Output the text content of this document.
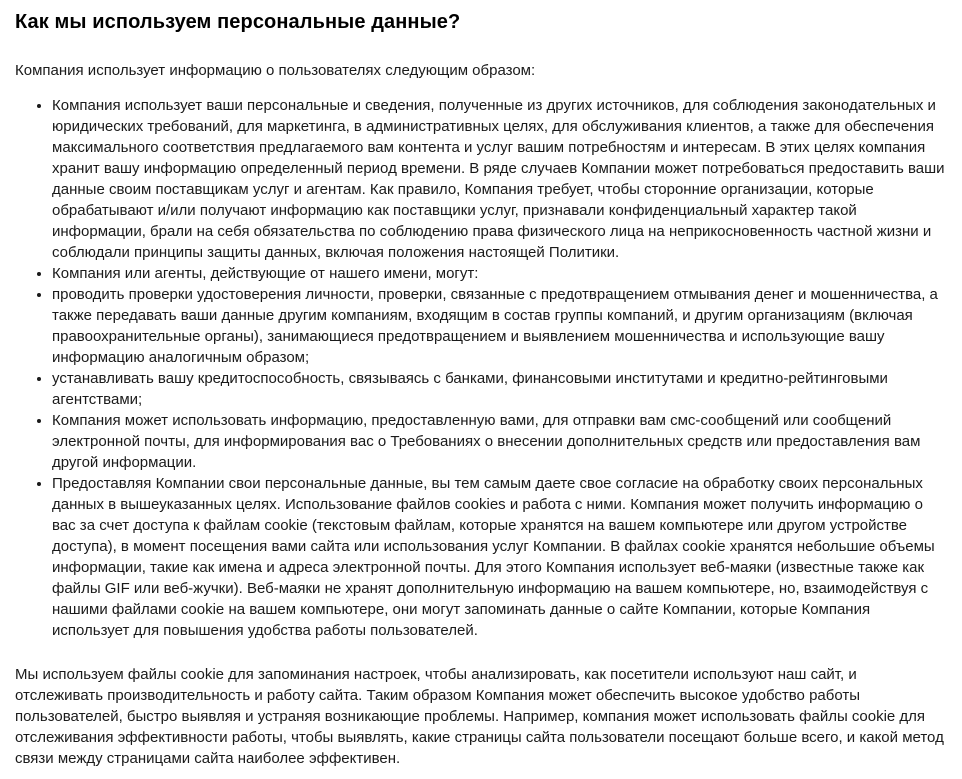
Как мы используем персональные данные?

Компания использует информацию о пользователях следующим образом:

• Компания использует ваши персональные и сведения, полученные из других источников, для соблюдения законодательных и юридических требований, для маркетинга, в административных целях, для обслуживания клиентов, а также для обеспечения максимального соответствия предлагаемого вам контента и услуг вашим потребностям и интересам. В этих целях компания хранит вашу информацию определенный период времени. В ряде случаев Компании может потребоваться предоставить ваши данные своим поставщикам услуг и агентам. Как правило, Компания требует, чтобы сторонние организации, которые обрабатывают и/или получают информацию как поставщики услуг, признавали конфиденциальный характер такой информации, брали на себя обязательства по соблюдению права физического лица на неприкосновенность частной жизни и соблюдали принципы защиты данных, включая положения настоящей Политики.
• Компания или агенты, действующие от нашего имени, могут:
• проводить проверки удостоверения личности, проверки, связанные с предотвращением отмывания денег и мошенничества, а также передавать ваши данные другим компаниям, входящим в состав группы компаний, и другим организациям (включая правоохранительные органы), занимающиеся предотвращением и выявлением мошенничества и использующие вашу информацию аналогичным образом;
• устанавливать вашу кредитоспособность, связываясь с банками, финансовыми институтами и кредитно-рейтинговыми агентствами;
• Компания может использовать информацию, предоставленную вами, для отправки вам смс-сообщений или сообщений электронной почты, для информирования вас о Требованиях о внесении дополнительных средств или предоставления вам другой информации.
• Предоставляя Компании свои персональные данные, вы тем самым даете свое согласие на обработку своих персональных данных в вышеуказанных целях. Использование файлов cookies и работа с ними. Компания может получить информацию о вас за счет доступа к файлам cookie (текстовым файлам, которые хранятся на вашем компьютере или другом устройстве доступа), в момент посещения вами сайта или использования услуг Компании. В файлах cookie хранятся небольшие объемы информации, такие как имена и адреса электронной почты. Для этого Компания использует веб-маяки (известные также как файлы GIF или веб-жучки). Веб-маяки не хранят дополнительную информацию на вашем компьютере, но, взаимодействуя с нашими файлами cookie на вашем компьютере, они могут запоминать данные о сайте Компании, которые Компания использует для повышения удобства работы пользователей.

Мы используем файлы cookie для запоминания настроек, чтобы анализировать, как посетители используют наш сайт, и отслеживать производительность и работу сайта. Таким образом Компания может обеспечить высокое удобство работы пользователей, быстро выявляя и устраняя возникающие проблемы. Например, компания может использовать файлы cookie для отслеживания эффективности работы, чтобы выявлять, какие страницы сайта пользователи посещают больше всего, и какой метод связи между страницами сайта наиболее эффективен.
